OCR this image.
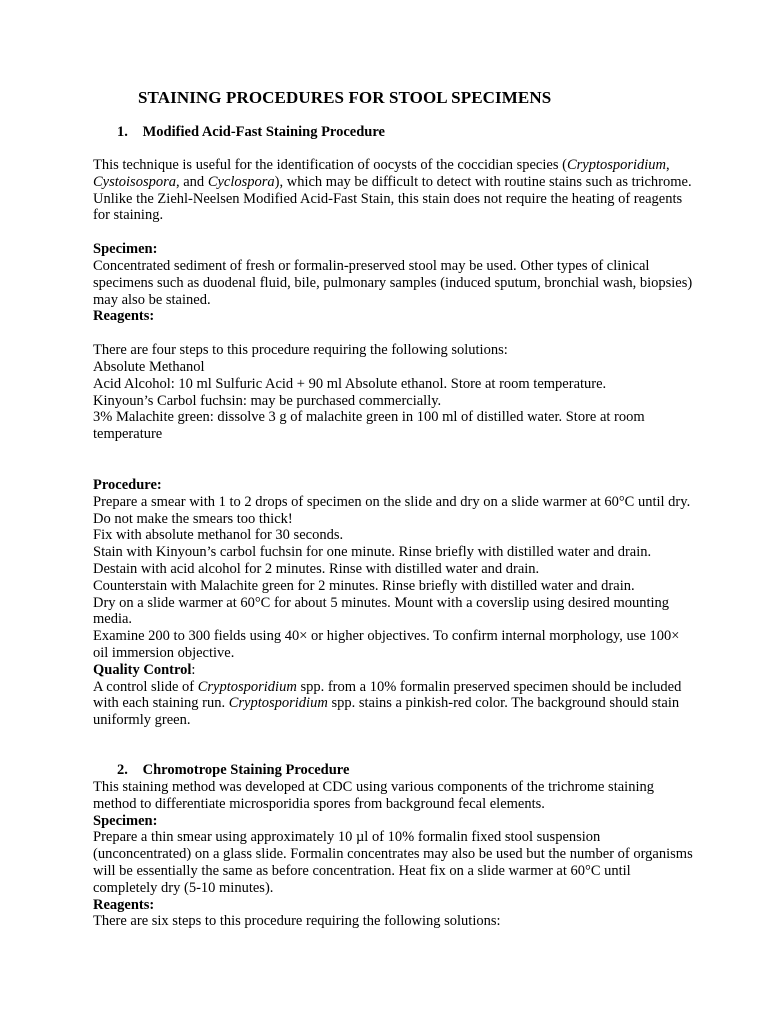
STAINING PROCEDURES FOR STOOL SPECIMENS
1. Modified Acid-Fast Staining Procedure

This technique is useful for the identification of oocysts of the coccidian species (Cryptosporidium, Cystoisospora, and Cyclospora), which may be difficult to detect with routine stains such as trichrome. Unlike the Ziehl-Neelsen Modified Acid-Fast Stain, this stain does not require the heating of reagents for staining.

Specimen:

Concentrated sediment of fresh or formalin-preserved stool may be used. Other types of clinical specimens such as duodenal fluid, bile, pulmonary samples (induced sputum, bronchial wash, biopsies) may also be stained.

Reagents:

There are four steps to this procedure requiring the following solutions:

Absolute Methanol
Acid Alcohol: 10 ml Sulfuric Acid + 90 ml Absolute ethanol. Store at room temperature.
Kinyoun’s Carbol fuchsin: may be purchased commercially.
3% Malachite green: dissolve 3 g of malachite green in 100 ml of distilled water. Store at room temperature
Procedure:
Prepare a smear with 1 to 2 drops of specimen on the slide and dry on a slide warmer at 60°C until dry. Do not make the smears too thick!
Fix with absolute methanol for 30 seconds.
Stain with Kinyoun’s carbol fuchsin for one minute. Rinse briefly with distilled water and drain.
Destain with acid alcohol for 2 minutes. Rinse with distilled water and drain.
Counterstain with Malachite green for 2 minutes. Rinse briefly with distilled water and drain.
Dry on a slide warmer at 60°C for about 5 minutes. Mount with a coverslip using desired mounting media.
Examine 200 to 300 fields using 40× or higher objectives. To confirm internal morphology, use 100× oil immersion objective.
Quality Control:

A control slide of Cryptosporidium spp. from a 10% formalin preserved specimen should be included with each staining run. Cryptosporidium spp. stains a pinkish-red color. The background should stain uniformly green.

2. Chromotrope Staining Procedure

This staining method was developed at CDC using various components of the trichrome staining method to differentiate microsporidia spores from background fecal elements.

Specimen:

Prepare a thin smear using approximately 10 µl of 10% formalin fixed stool suspension (unconcentrated) on a glass slide. Formalin concentrates may also be used but the number of organisms will be essentially the same as before concentration. Heat fix on a slide warmer at 60°C until completely dry (5-10 minutes).

Reagents:

There are six steps to this procedure requiring the following solutions:
